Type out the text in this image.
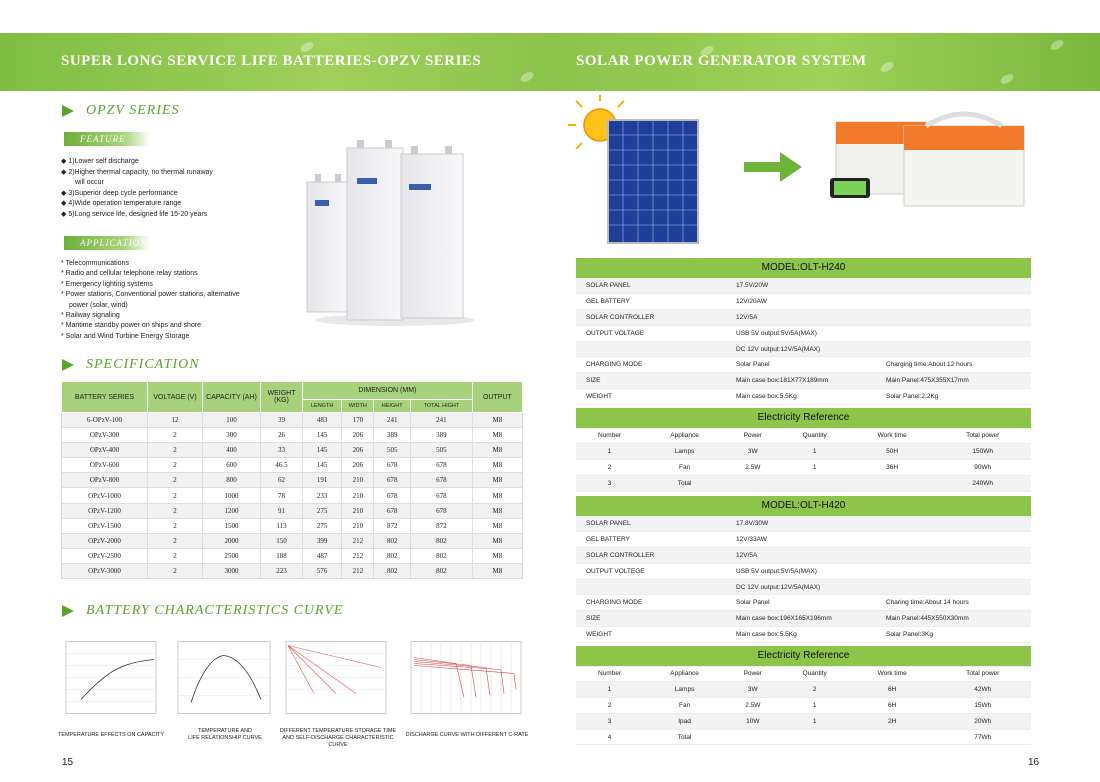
SUPER LONG SERVICE LIFE BATTERIES-OPZV SERIES	SOLAR POWER GENERATOR SYSTEM
OPZV SERIES
FEATURE
◆ 1)Lower self discharge
◆ 2)Higher thermal capacity, no thermal runaway
will occur
◆ 3)Superior deep cycle performance
◆ 4)Wide operation temperature range
◆ 5)Long service life, designed life 15-20 years
APPLICATION
* Telecommunications
* Radio and cellular telephone relay stations
* Emergency lighting systems
* Power stations, Conventional power stations, alternative
power (solar, wind)
* Railway signaling
* Maritime standby power on ships and shore
* Solar and Wind Turbine Energy Storage
SPECIFICATION
BATTERY SERIES	VOLTAGE (V)	CAPACITY (AH)	WEIGHT (KG)	DIMENSION (MM)				OUTPUT
				LENGTH	WIDTH	HEIGHT	TOTAL HIGHT	
6-OPzV-100	12	100	39	483	170	241	241	M8
OPzV-300	2	300	26	145	206	389	389	M8
OPzV-400	2	400	33	145	206	505	505	M8
OPzV-600	2	600	46.5	145	206	678	678	M8
OPzV-800	2	800	62	191	210	678	678	M8
OPzV-1000	2	1000	78	233	210	678	678	M8
OPzV-1200	2	1200	91	275	210	678	678	M8
OPzV-1500	2	1500	113	275	210	872	872	M8
OPzV-2000	2	2000	150	399	212	802	802	M8
OPzV-2500	2	2500	188	487	212	802	802	M8
OPzV-3000	2	3000	223	576	212	802	802	M8
BATTERY CHARACTERISTICS CURVE
TEMPERATURE EFFECTS ON CAPACITY
TEMPERATURE AND
LIFE RELATIONSHIP CURVE
DIFFERENT TEMPERATURE STORAGE TIME
AND SELF-DISCHARGE CHARACTERISTIC CURVE
DISCHARGE CURVE WITH DIFFERENT C-RATE
15
MODEL:OLT-H240		
SOLAR PANEL	17.5V/20W	
GEL BATTERY	12V/20AW	
SOLAR CONTROLLER	12V/5A	
OUTPUT VOLTAGE	USB 5V output:5V/5A(MAX)	
	DC 12V output:12V/5A(MAX)	
CHARGING MODE	Solar Panel	Charging time:About 12 hours
SIZE	Main case box:181X77X189mm	Main Panel:475X355X17mm
WEIGHT	Main case box:5.5Kg	Solar Panel:2.2Kg
Electricity Reference					
Number	Appliance	Power	Quantity	Work time	Total power
1	Lamps	3W	1	50H	150Wh
2	Fan	2.5W	1	36H	90Wh
3	Total				240Wh
MODEL:OLT-H420		
SOLAR PANEL	17.8V/30W	
GEL BATTERY	12V/33AW	
SOLAR CONTROLLER	12V/5A	
OUTPUT VOLTEGE	USB 5V output:5V/5A(MAX)	
	DC 12V output:12V/5A(MAX)	
CHARGING MODE	Solar Panel	Charing time:About 14 hours
SIZE	Main case box:196X165X196mm	Main Panel:445X550X30mm
WEIGHT	Main case box:5.5Kg	Solar Panel:3Kg
Electricity Reference					
Number	Appliance	Power	Quantity	Work time	Total power
1	Lamps	3W	2	6H	42Wh
2	Fan	2.5W	1	6H	15Wh
3	Ipad	10W	1	2H	20Wh
4	Total				77Wh
16
